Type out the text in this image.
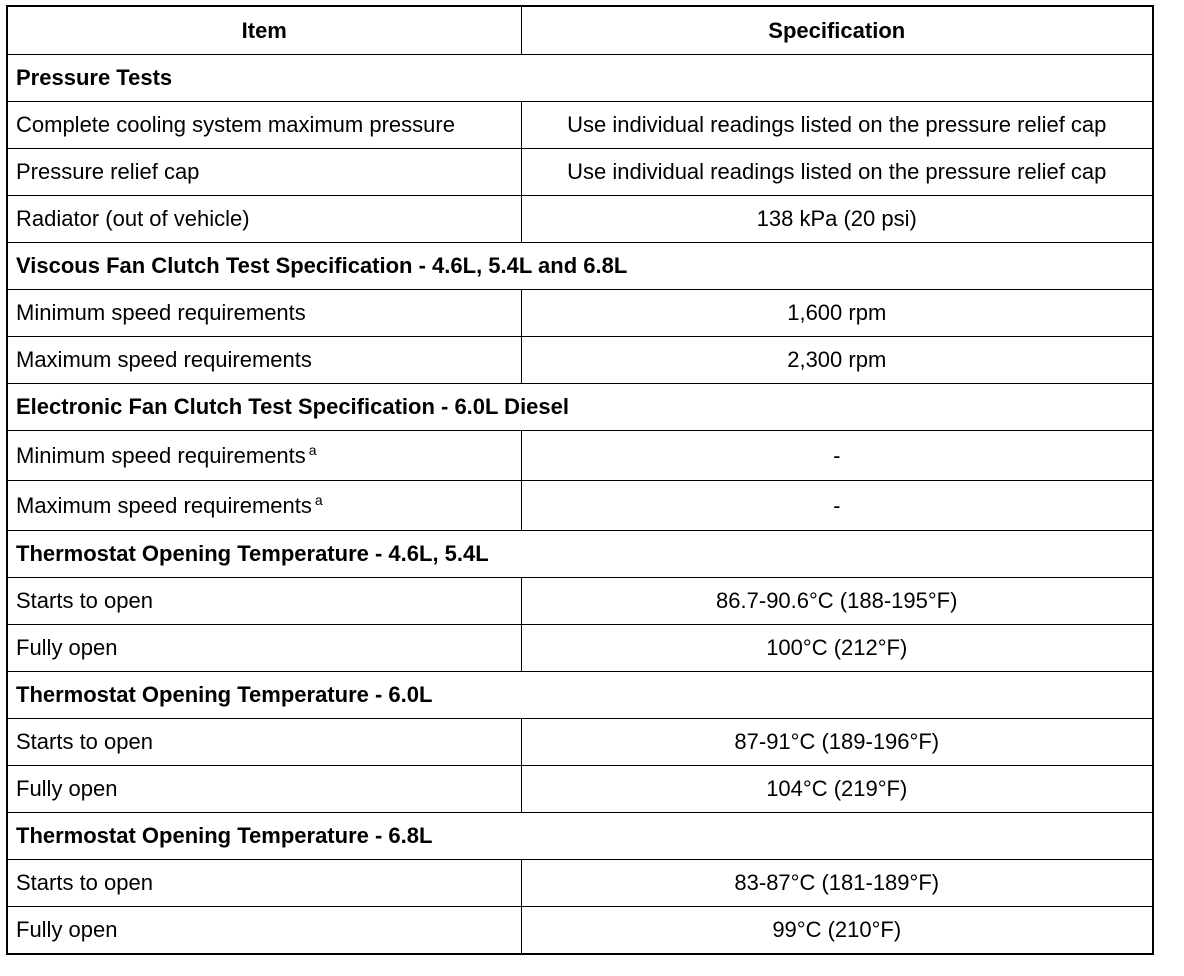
Item	Specification
Pressure Tests	
Complete cooling system maximum pressure	Use individual readings listed on the pressure relief cap
Pressure relief cap	Use individual readings listed on the pressure relief cap
Radiator (out of vehicle)	138 kPa (20 psi)
Viscous Fan Clutch Test Specification - 4.6L, 5.4L and 6.8L	
Minimum speed requirements	1,600 rpm
Maximum speed requirements	2,300 rpm
Electronic Fan Clutch Test Specification - 6.0L Diesel	
Minimum speed requirements $^a$	-
Maximum speed requirements $^a$	-
Thermostat Opening Temperature - 4.6L, 5.4L	
Starts to open	86.7-90.6°C (188-195°F)
Fully open	100°C (212°F)
Thermostat Opening Temperature - 6.0L	
Starts to open	87-91°C (189-196°F)
Fully open	104°C (219°F)
Thermostat Opening Temperature - 6.8L	
Starts to open	83-87°C (181-189°F)
Fully open	99°C (210°F)
